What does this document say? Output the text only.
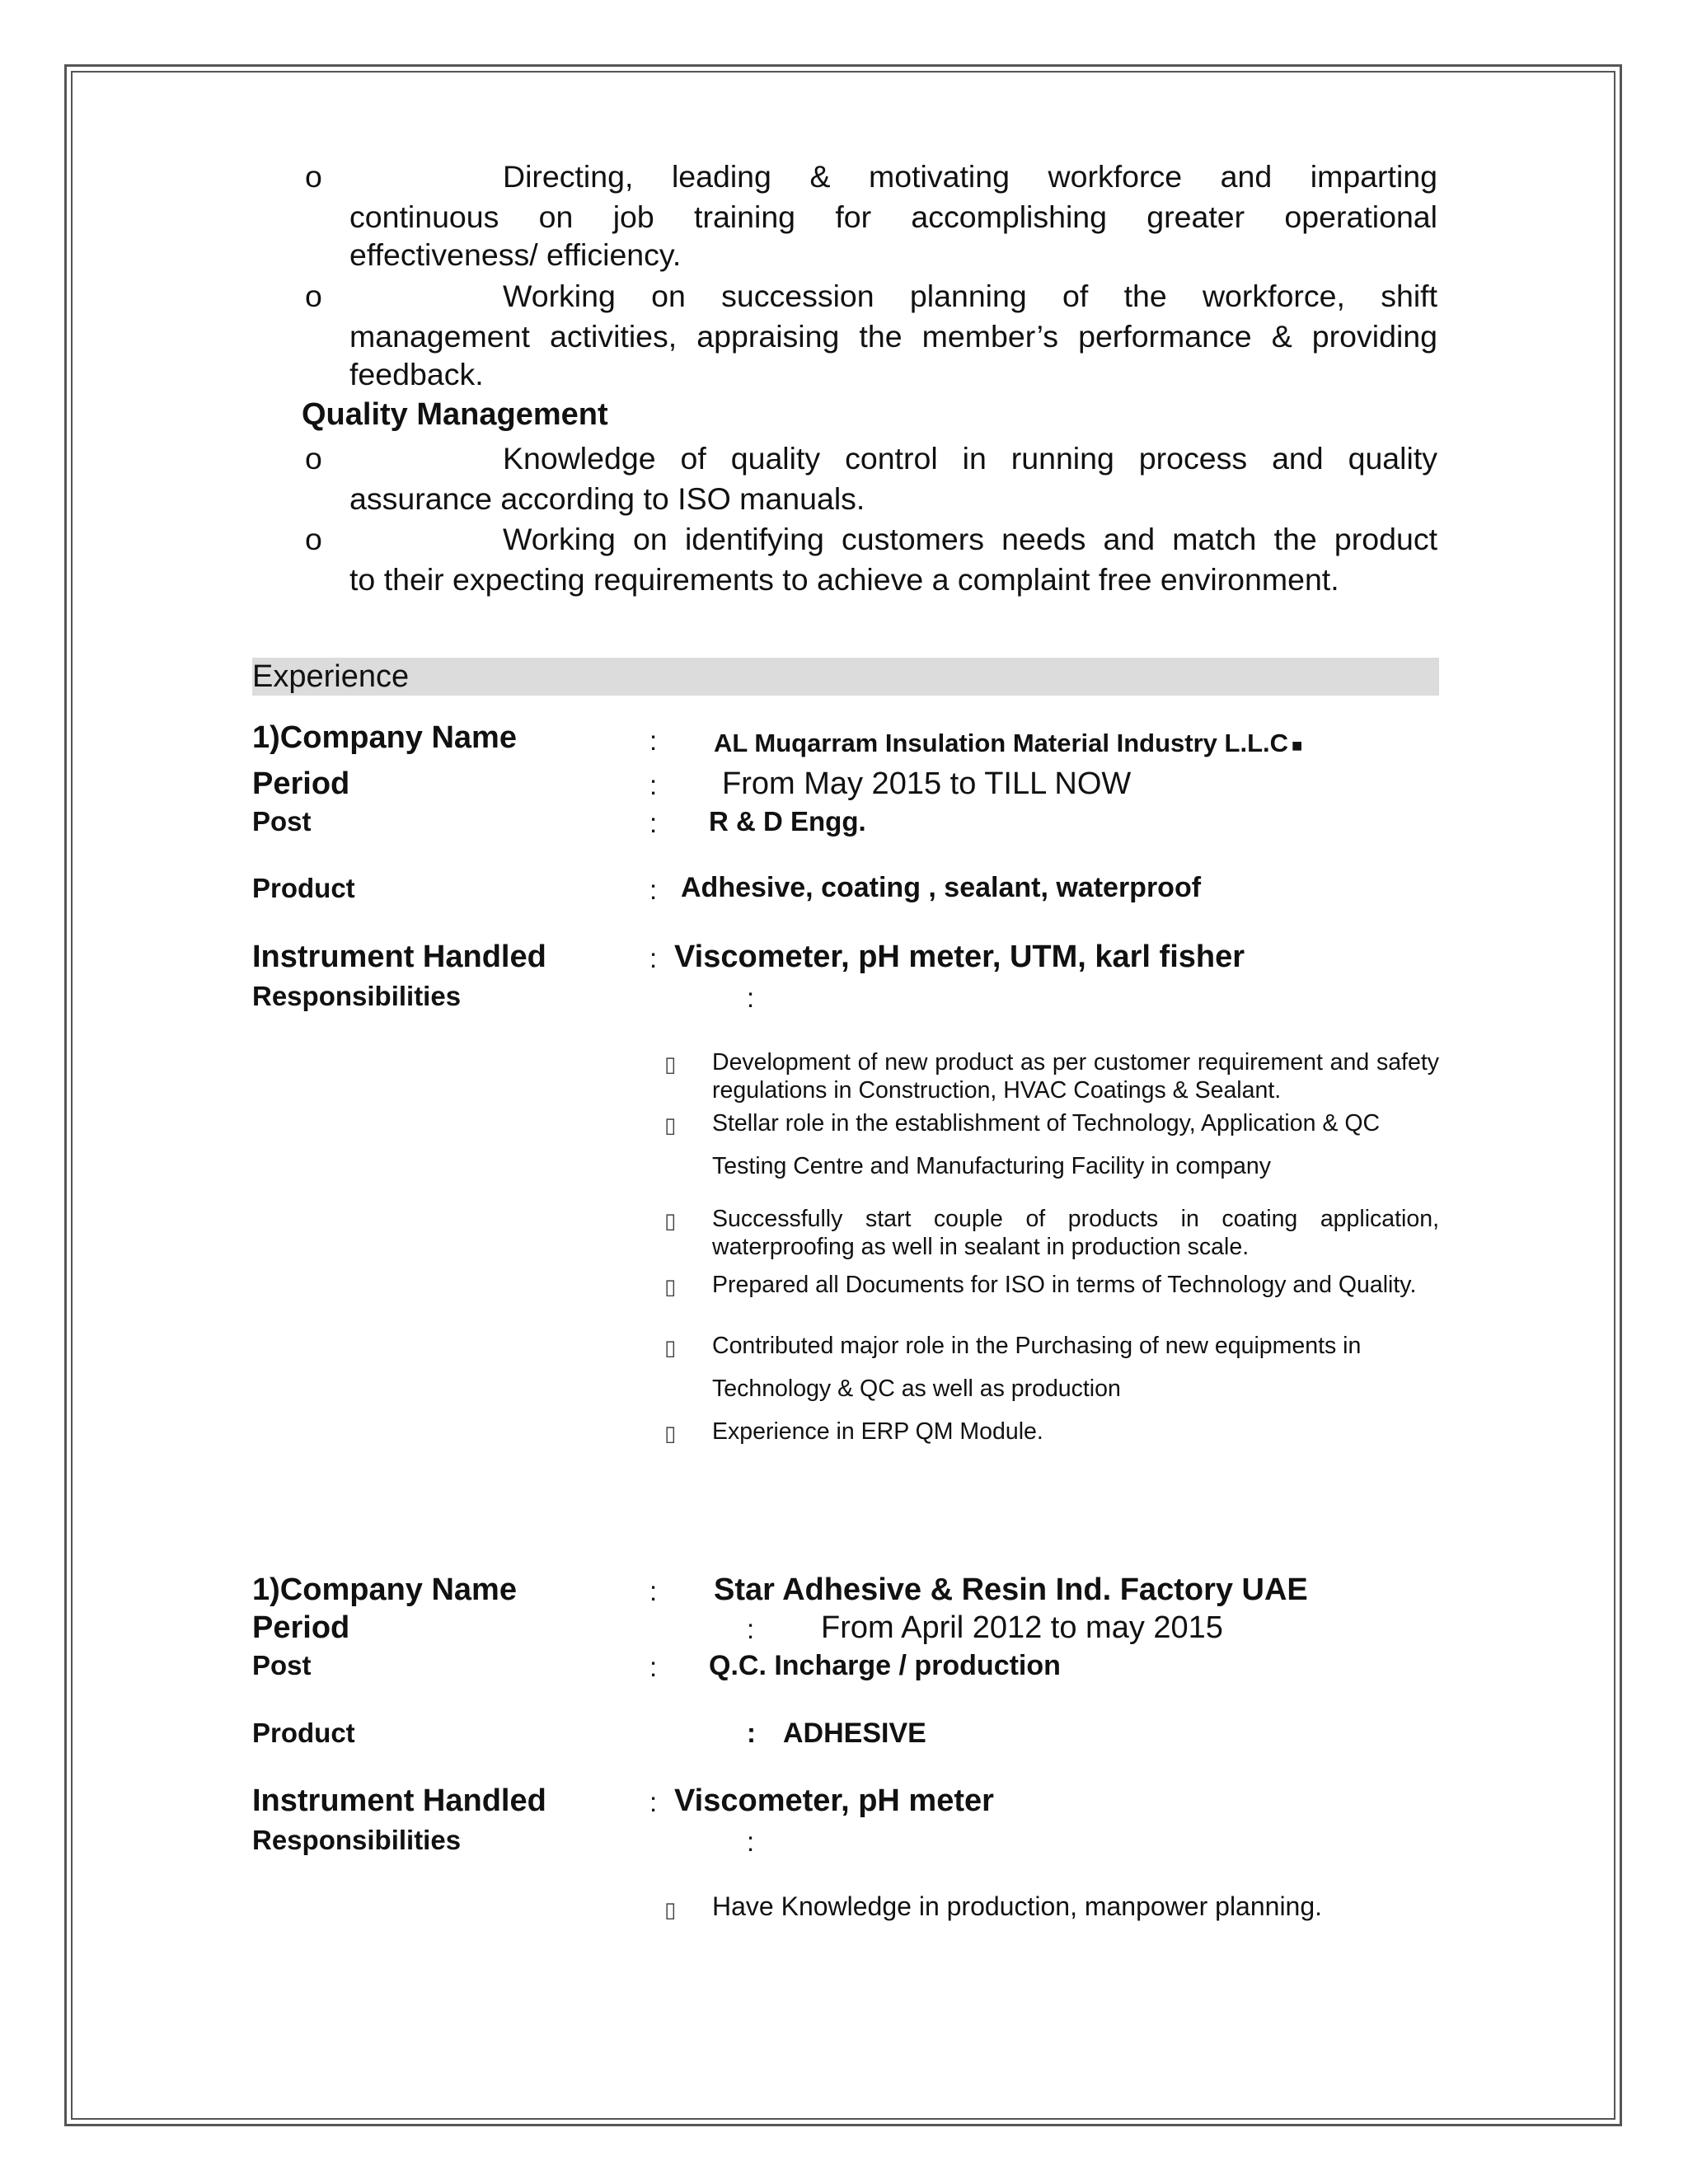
o	Directing, leading & motivating workforce and imparting
continuous on job training for accomplishing greater operational
effectiveness/ efficiency.
o	Working on succession planning of the workforce, shift
management activities, appraising the member’s performance & providing
feedback.
Quality Management
o	Knowledge of quality control in running process and quality
assurance according to ISO manuals.
o	Working on identifying customers needs and match the product
to their expecting requirements to achieve a complaint free environment.
Experience
1)Company Name	: AL Muqarram Insulation Material Industry L.L.C ■
Period	: From May 2015 to TILL NOW
Post	: R & D Engg.
Product	: Adhesive, coating , sealant, waterproof
Instrument Handled	: Viscometer, pH meter, UTM, karl fisher
Responsibilities	:
▯ Development of new product as per customer requirement and safety regulations in Construction, HVAC Coatings & Sealant.
▯ Stellar role in the establishment of Technology, Application & QC
Testing Centre and Manufacturing Facility in company
▯ Successfully start couple of products in coating application, waterproofing as well in sealant in production scale.
▯ Prepared all Documents for ISO in terms of Technology and Quality.
▯ Contributed major role in the Purchasing of new equipments in
Technology & QC as well as production
▯ Experience in ERP QM Module.
1)Company Name	: Star Adhesive & Resin Ind. Factory UAE
Period	: From April 2012 to may 2015
Post	: Q.C. Incharge / production
Product	: ADHESIVE
Instrument Handled	: Viscometer, pH meter
Responsibilities	:
▯ Have Knowledge in production, manpower planning.
